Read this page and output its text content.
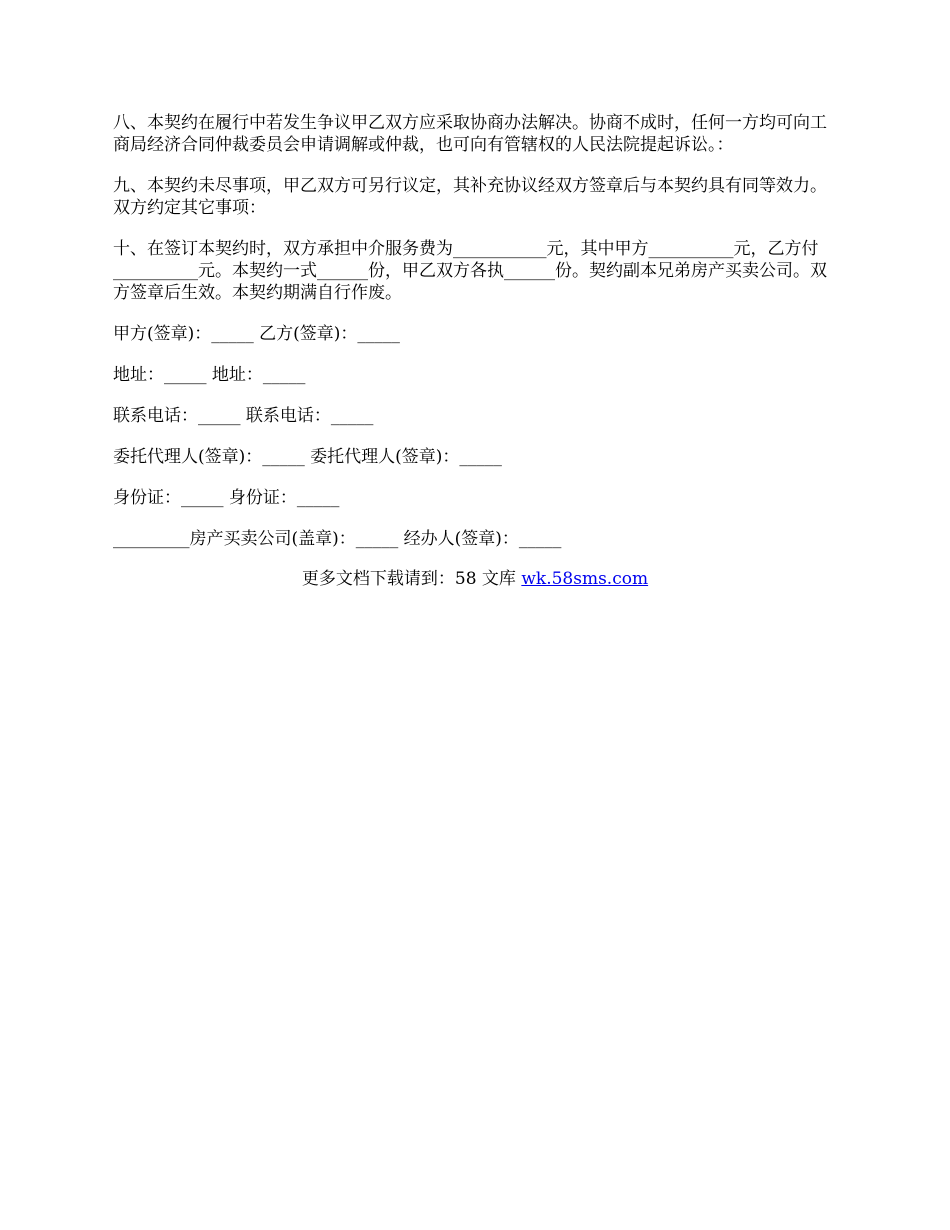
八、本契约在履行中若发生争议甲乙双方应采取协商办法解决。协商不成时，任何一方均可向工商局经济合同仲裁委员会申请调解或仲裁，也可向有管辖权的人民法院提起诉讼。：

九、本契约未尽事项，甲乙双方可另行议定，其补充协议经双方签章后与本契约具有同等效力。双方约定其它事项：

十、在签订本契约时，双方承担中介服务费为___________元，其中甲方__________元，乙方付__________元。本契约一式______份，甲乙双方各执______份。契约副本兄弟房产买卖公司。双方签章后生效。本契约期满自行作废。

甲方(签章)：_____ 乙方(签章)：_____

地址：_____ 地址：_____

联系电话：_____ 联系电话：_____

委托代理人(签章)：_____ 委托代理人(签章)：_____

身份证：_____ 身份证：_____

_________房产买卖公司(盖章)：_____ 经办人(签章)：_____

更多文档下载请到：58 文库 wk.58sms.com
